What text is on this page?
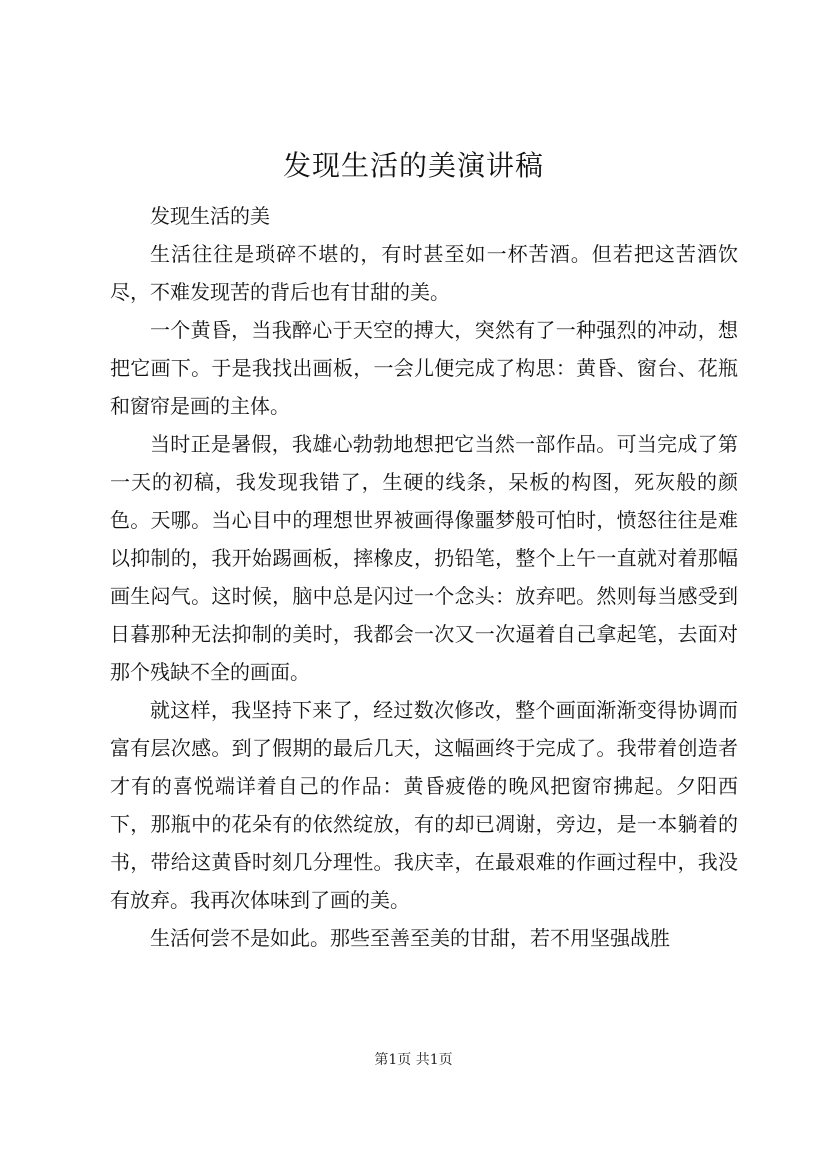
发现生活的美演讲稿

发现生活的美

生活往往是琐碎不堪的，有时甚至如一杯苦酒。但若把这苦酒饮尽，不难发现苦的背后也有甘甜的美。

一个黄昏，当我醉心于天空的搏大，突然有了一种强烈的冲动，想把它画下。于是我找出画板，一会儿便完成了构思：黄昏、窗台、花瓶和窗帘是画的主体。

当时正是暑假，我雄心勃勃地想把它当然一部作品。可当完成了第一天的初稿，我发现我错了，生硬的线条，呆板的构图，死灰般的颜色。天哪。当心目中的理想世界被画得像噩梦般可怕时，愤怒往往是难以抑制的，我开始踢画板，摔橡皮，扔铅笔，整个上午一直就对着那幅画生闷气。这时候，脑中总是闪过一个念头：放弃吧。然则每当感受到日暮那种无法抑制的美时，我都会一次又一次逼着自己拿起笔，去面对那个残缺不全的画面。

就这样，我坚持下来了，经过数次修改，整个画面渐渐变得协调而富有层次感。到了假期的最后几天，这幅画终于完成了。我带着创造者才有的喜悦端详着自己的作品：黄昏疲倦的晚风把窗帘拂起。夕阳西下，那瓶中的花朵有的依然绽放，有的却已凋谢，旁边，是一本躺着的书，带给这黄昏时刻几分理性。我庆幸，在最艰难的作画过程中，我没有放弃。我再次体味到了画的美。

生活何尝不是如此。那些至善至美的甘甜，若不用坚强战胜

第1页 共1页
